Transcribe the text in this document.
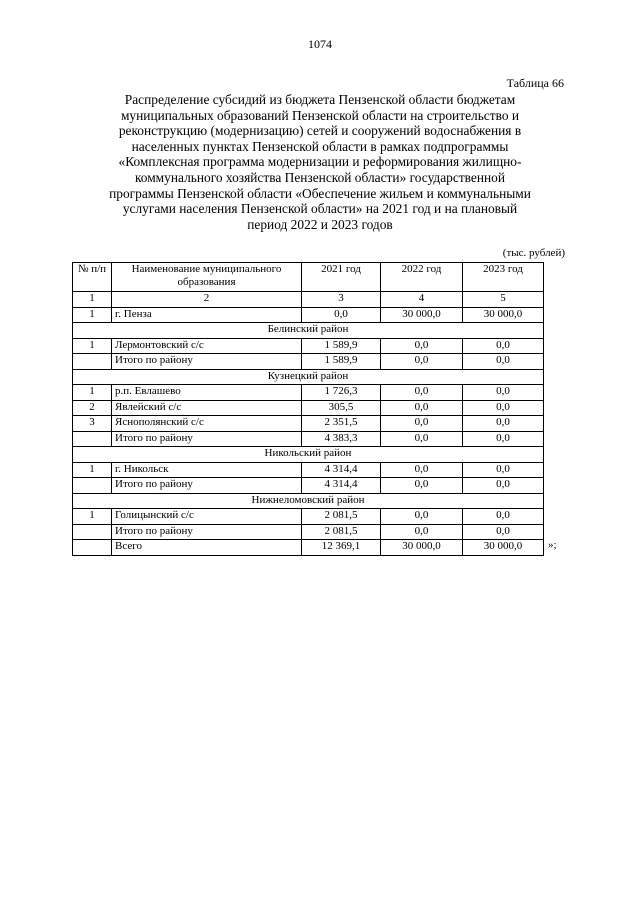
1074
Таблица 66
Распределение субсидий из бюджета Пензенской области бюджетам
муниципальных образований Пензенской области на строительство и
реконструкцию (модернизацию) сетей и сооружений водоснабжения в
населенных пунктах Пензенской области в рамках подпрограммы
«Комплексная программа модернизации и реформирования жилищно-
коммунального хозяйства Пензенской области» государственной
программы Пензенской области «Обеспечение жильем и коммунальными
услугами населения Пензенской области» на 2021 год и на плановый
период 2022 и 2023 годов
(тыс. рублей)
№ п/п	Наименование муниципального образования	2021 год	2022 год	2023 год
1	2	3	4	5
1	г. Пенза	0,0	30 000,0	30 000,0
Белинский район				
1	Лермонтовский с/с	1 589,9	0,0	0,0
	Итого по району	1 589,9	0,0	0,0
Кузнецкий район				
1	р.п. Евлашево	1 726,3	0,0	0,0
2	Явлейский с/с	305,5	0,0	0,0
3	Яснополянский с/с	2 351,5	0,0	0,0
	Итого по району	4 383,3	0,0	0,0
Никольский район				
1	г. Никольск	4 314,4	0,0	0,0
	Итого по району	4 314,4	0,0	0,0
Нижнеломовский район				
1	Голицынский с/с	2 081,5	0,0	0,0
	Итого по району	2 081,5	0,0	0,0
	Всего	12 369,1	30 000,0	30 000,0 »;
